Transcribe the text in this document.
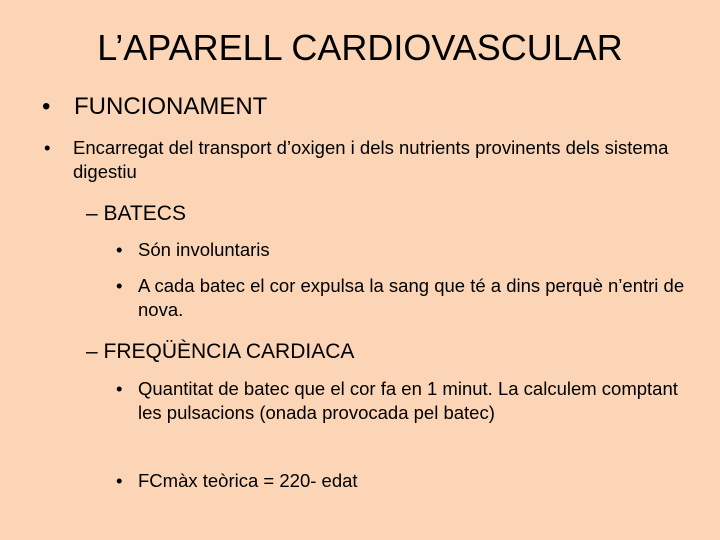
L’APARELL CARDIOVASCULAR
• FUNCIONAMENT
• Encarregat del transport d’oxigen i dels nutrients provinents dels sistema digestiu
– BATECS
• Són involuntaris
• A cada batec el cor expulsa la sang que té a dins perquè n’entri de nova.
– FREQÜÈNCIA CARDIACA
• Quantitat de batec que el cor fa en 1 minut. La calculem comptant les pulsacions (onada provocada pel batec)
• FCmàx teòrica = 220- edat
